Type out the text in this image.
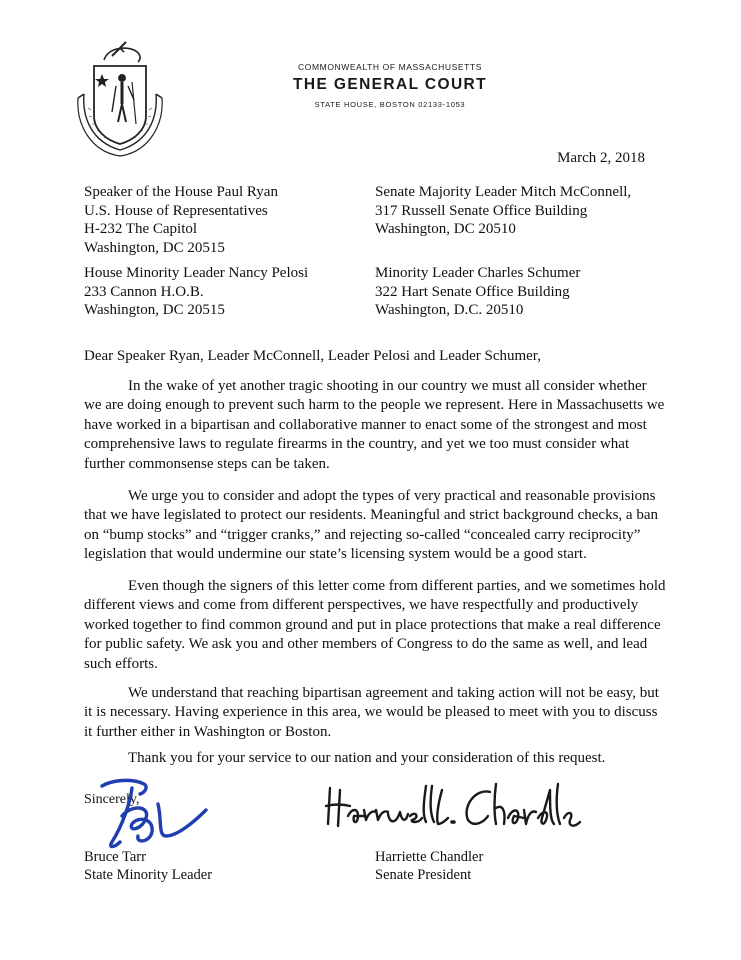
COMMONWEALTH OF MASSACHUSETTS
THE GENERAL COURT
STATE HOUSE, BOSTON 02133-1053
March 2, 2018
Speaker of the House Paul Ryan
U.S. House of Representatives
H-232 The Capitol
Washington, DC 20515
Senate Majority Leader Mitch McConnell,
317 Russell Senate Office Building
Washington, DC 20510
House Minority Leader Nancy Pelosi
233 Cannon H.O.B.
Washington, DC 20515
Minority Leader Charles Schumer
322 Hart Senate Office Building
Washington, D.C. 20510
Dear Speaker Ryan, Leader McConnell, Leader Pelosi and Leader Schumer,

In the wake of yet another tragic shooting in our country we must all consider whether we are doing enough to prevent such harm to the people we represent. Here in Massachusetts we have worked in a bipartisan and collaborative manner to enact some of the strongest and most comprehensive laws to regulate firearms in the country, and yet we too must consider what further commonsense steps can be taken.

We urge you to consider and adopt the types of very practical and reasonable provisions that we have legislated to protect our residents. Meaningful and strict background checks, a ban on “bump stocks” and “trigger cranks,” and rejecting so-called “concealed carry reciprocity” legislation that would undermine our state’s licensing system would be a good start.

Even though the signers of this letter come from different parties, and we sometimes hold different views and come from different perspectives, we have respectfully and productively worked together to find common ground and put in place protections that make a real difference for public safety. We ask you and other members of Congress to do the same as well, and lead such efforts.

We understand that reaching bipartisan agreement and taking action will not be easy, but it is necessary. Having experience in this area, we would be pleased to meet with you to discuss it further either in Washington or Boston.

Thank you for your service to our nation and your consideration of this request.
Sincerely,
Bruce Tarr
State Minority Leader
Harriette Chandler
Senate President
